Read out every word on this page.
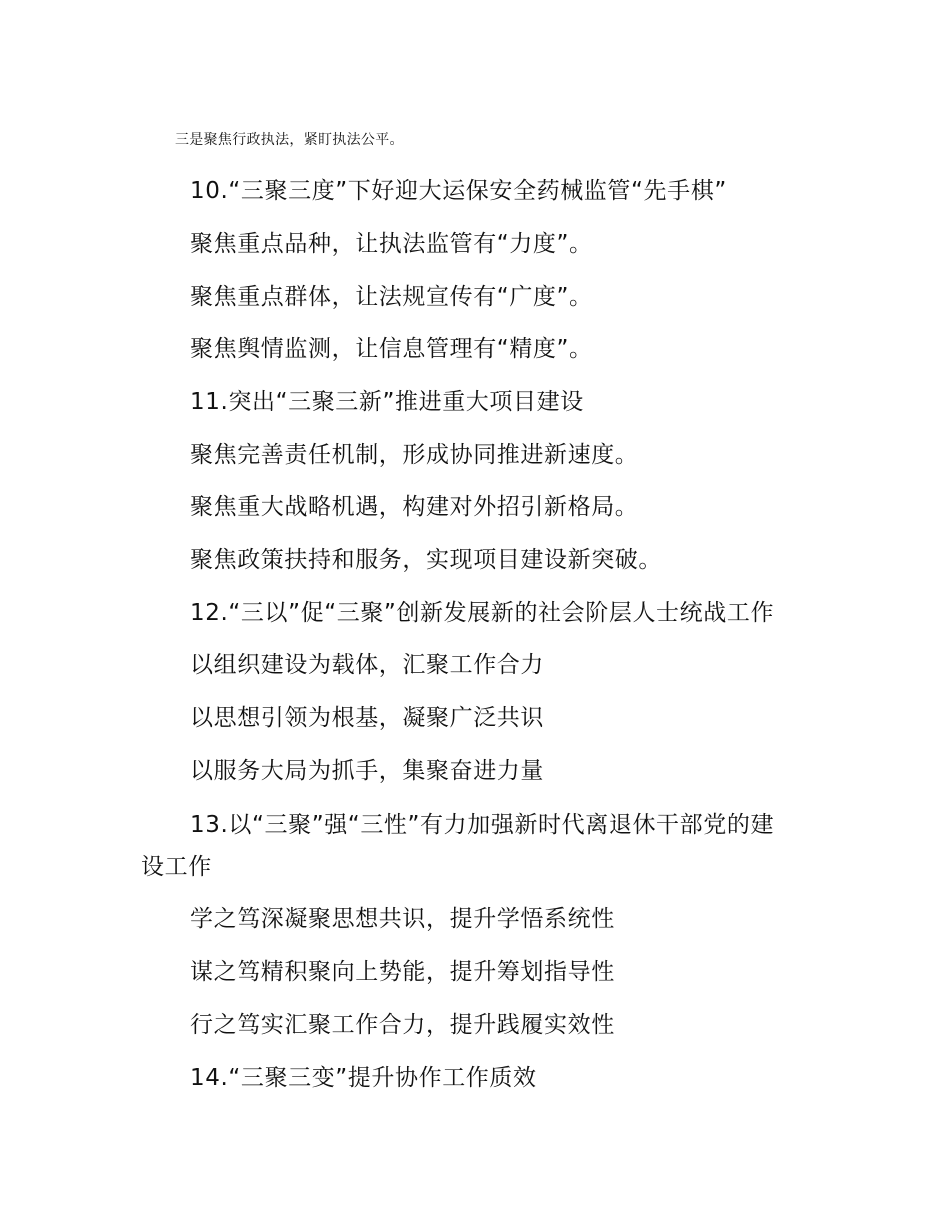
三是聚焦行政执法，紧盯执法公平。
10.“三聚三度”下好迎大运保安全药械监管“先手棋”
聚焦重点品种，让执法监管有“力度”。
聚焦重点群体，让法规宣传有“广度”。
聚焦舆情监测，让信息管理有“精度”。
11.突出“三聚三新”推进重大项目建设
聚焦完善责任机制，形成协同推进新速度。
聚焦重大战略机遇，构建对外招引新格局。
聚焦政策扶持和服务，实现项目建设新突破。
12.“三以”促“三聚”创新发展新的社会阶层人士统战工作
以组织建设为载体，汇聚工作合力
以思想引领为根基，凝聚广泛共识
以服务大局为抓手，集聚奋进力量
13.以“三聚”强“三性”有力加强新时代离退休干部党的建
设工作
学之笃深凝聚思想共识，提升学悟系统性
谋之笃精积聚向上势能，提升筹划指导性
行之笃实汇聚工作合力，提升践履实效性
14.“三聚三变”提升协作工作质效
